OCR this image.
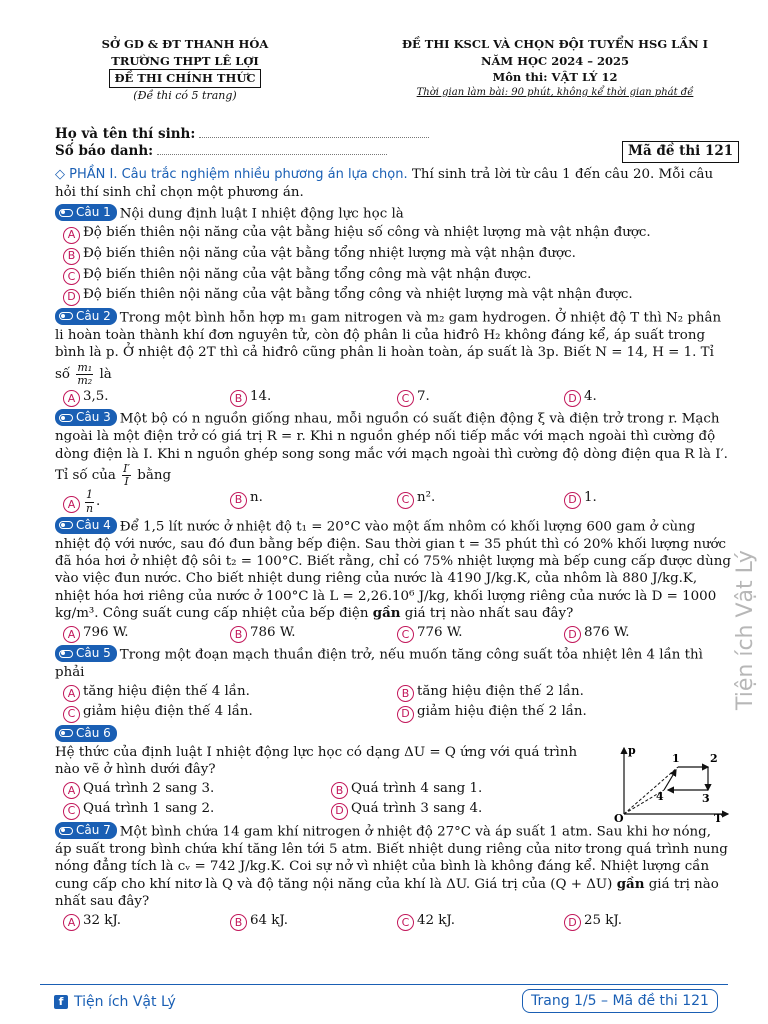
Tiện ích Vật Lý
SỞ GD & ĐT THANH HÓA
TRƯỜNG THPT LÊ LỢI
ĐỀ THI CHÍNH THỨC
(Đề thi có 5 trang)
ĐỀ THI KSCL VÀ CHỌN ĐỘI TUYỂN HSG LẦN I
NĂM HỌC 2024 – 2025
Môn thi: VẬT LÝ 12
Thời gian làm bài: 90 phút, không kể thời gian phát đề
Họ và tên thí sinh:
Số báo danh:	Mã đề thi 121
◇ PHẦN I. Câu trắc nghiệm nhiều phương án lựa chọn. Thí sinh trả lời từ câu 1 đến câu 20. Mỗi câu hỏi thí sinh chỉ chọn một phương án.
Câu 1 Nội dung định luật I nhiệt động lực học là
A Độ biến thiên nội năng của vật bằng hiệu số công và nhiệt lượng mà vật nhận được.
B Độ biến thiên nội năng của vật bằng tổng nhiệt lượng mà vật nhận được.
C Độ biến thiên nội năng của vật bằng tổng công mà vật nhận được.
D Độ biến thiên nội năng của vật bằng tổng công và nhiệt lượng mà vật nhận được.
Câu 2 Trong một bình hỗn hợp m₁ gam nitrogen và m₂ gam hydrogen. Ở nhiệt độ T thì N₂ phân li hoàn toàn thành khí đơn nguyên tử, còn độ phân li của hiđrô H₂ không đáng kể, áp suất trong bình là p. Ở nhiệt độ 2T thì cả hiđrô cũng phân li hoàn toàn, áp suất là 3p. Biết N = 14, H = 1. Tỉ số $\frac{\text{m₁}}{\text{m₂}}$ là
A 3,5.	B 14.	C 7.	D 4.
Câu 3 Một bộ có n nguồn giống nhau, mỗi nguồn có suất điện động ξ và điện trở trong r. Mạch ngoài là một điện trở có giá trị R = r. Khi n nguồn ghép nối tiếp mắc với mạch ngoài thì cường độ dòng điện là I. Khi n nguồn ghép song song mắc với mạch ngoài thì cường độ dòng điện qua R là I′. Tỉ số của $\frac{I'}{I}$ bằng
A $\frac{1}{n}$ .	B n.	C n².	D 1.
Câu 4 Để 1,5 lít nước ở nhiệt độ t₁ = 20°C vào một ấm nhôm có khối lượng 600 gam ở cùng nhiệt độ với nước, sau đó đun bằng bếp điện. Sau thời gian t = 35 phút thì có 20% khối lượng nước đã hóa hơi ở nhiệt độ sôi t₂ = 100°C. Biết rằng, chỉ có 75% nhiệt lượng mà bếp cung cấp được dùng vào việc đun nước. Cho biết nhiệt dung riêng của nước là 4190 J/kg.K, của nhôm là 880 J/kg.K, nhiệt hóa hơi riêng của nước ở 100°C là L = 2,26.10⁶ J/kg, khối lượng riêng của nước là D = 1000 kg/m³. Công suất cung cấp nhiệt của bếp điện gần giá trị nào nhất sau đây?
A 796 W.	B 786 W.	C 776 W.	D 876 W.
Câu 5 Trong một đoạn mạch thuần điện trở, nếu muốn tăng công suất tỏa nhiệt lên 4 lần thì phải
A tăng hiệu điện thế 4 lần.	B tăng hiệu điện thế 2 lần.
C giảm hiệu điện thế 4 lần.	D giảm hiệu điện thế 2 lần.
Câu 6
Hệ thức của định luật I nhiệt động lực học có dạng ΔU = Q ứng với quá trình nào vẽ ở hình dưới đây?
A Quá trình 2 sang 3.	B Quá trình 4 sang 1.
C Quá trình 1 sang 2.	D Quá trình 3 sang 4.
p
T
O
1	2
3
4
Câu 7 Một bình chứa 14 gam khí nitrogen ở nhiệt độ 27°C và áp suất 1 atm. Sau khi hơ nóng, áp suất trong bình chứa khí tăng lên tới 5 atm. Biết nhiệt dung riêng của nitơ trong quá trình nung nóng đẳng tích là cᵥ = 742 J/kg.K. Coi sự nở vì nhiệt của bình là không đáng kể. Nhiệt lượng cần cung cấp cho khí nitơ là Q và độ tăng nội năng của khí là ΔU. Giá trị của (Q + ΔU) gần giá trị nào nhất sau đây?
A 32 kJ.	B 64 kJ.	C 42 kJ.	D 25 kJ.
f Tiện ích Vật Lý	Trang 1/5 – Mã đề thi 121
